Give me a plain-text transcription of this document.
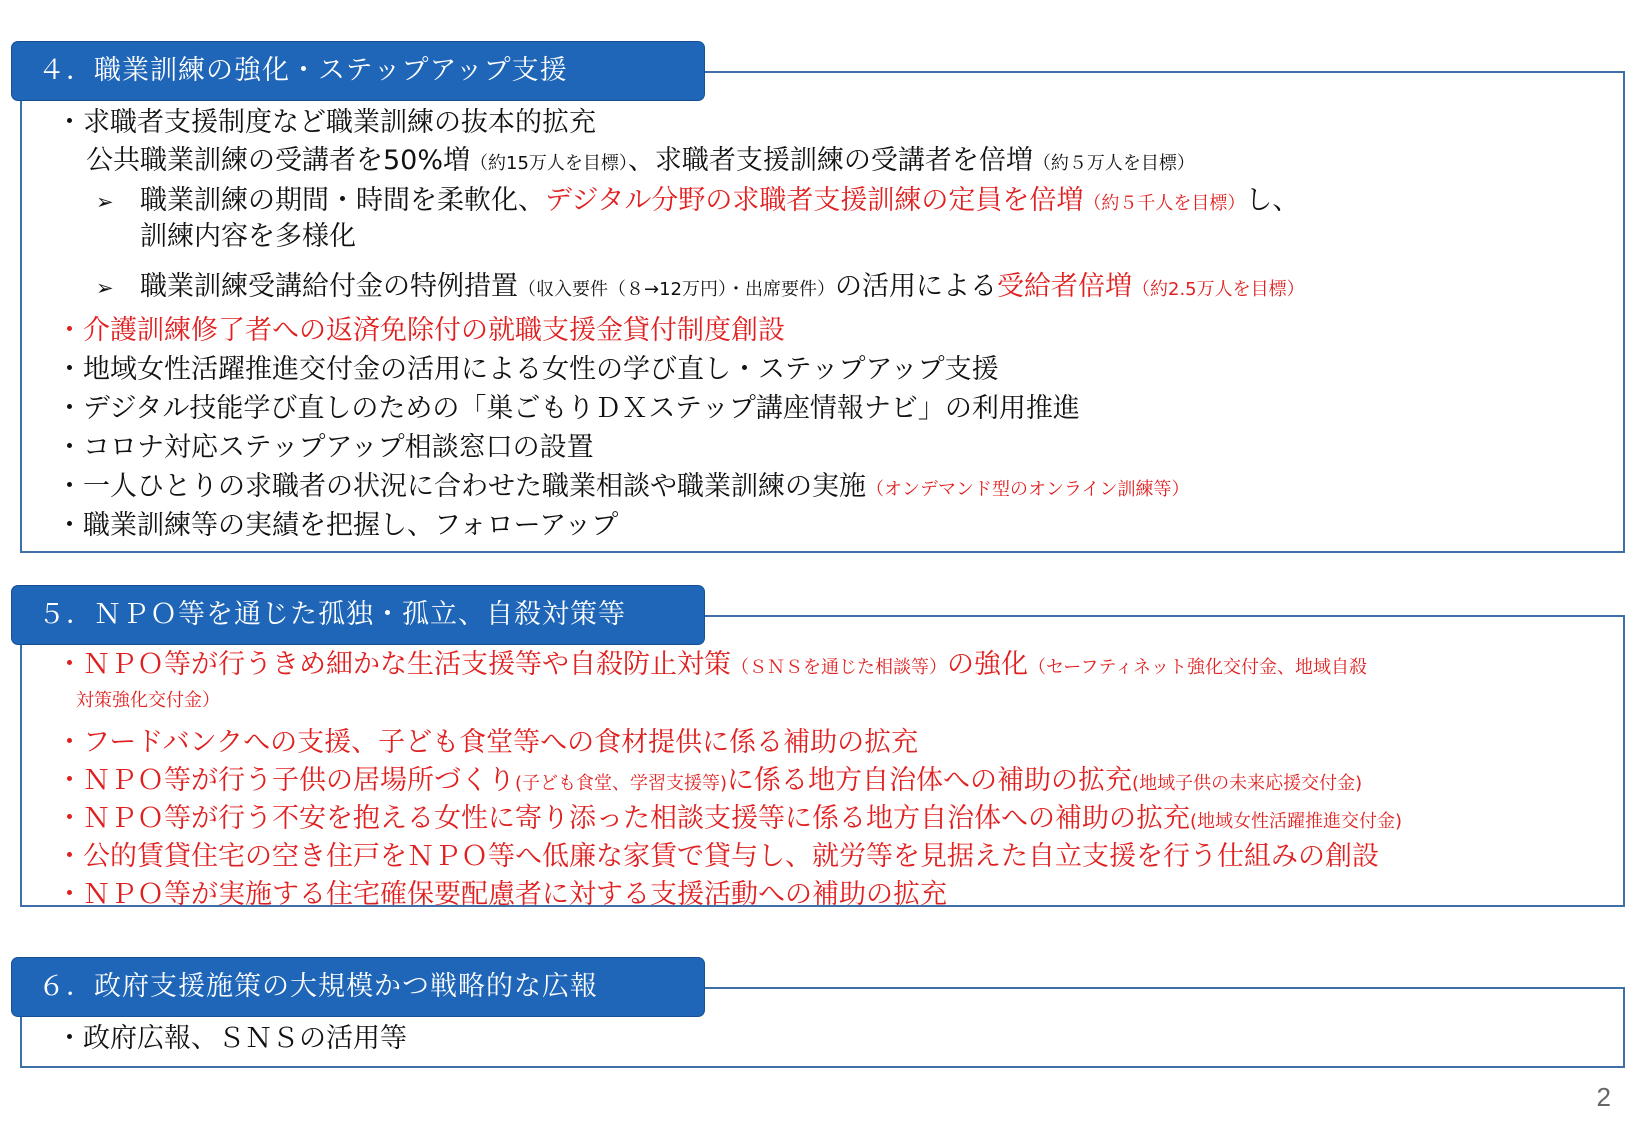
４．職業訓練の強化・ステップアップ支援
・求職者支援制度など職業訓練の抜本的拡充
公共職業訓練の受講者を50%増（約15万人を目標）、求職者支援訓練の受講者を倍増（約５万人を目標）
➢ 職業訓練の期間・時間を柔軟化、デジタル分野の求職者支援訓練の定員を倍増（約５千人を目標）し、
訓練内容を多様化
➢ 職業訓練受講給付金の特例措置（収入要件（８→12万円）・出席要件）の活用による受給者倍増（約2.5万人を目標）
・介護訓練修了者への返済免除付の就職支援金貸付制度創設
・地域女性活躍推進交付金の活用による女性の学び直し・ステップアップ支援
・デジタル技能学び直しのための「巣ごもりＤＸステップ講座情報ナビ」の利用推進
・コロナ対応ステップアップ相談窓口の設置
・一人ひとりの求職者の状況に合わせた職業相談や職業訓練の実施（オンデマンド型のオンライン訓練等）
・職業訓練等の実績を把握し、フォローアップ
５．ＮＰＯ等を通じた孤独・孤立、自殺対策等
・ＮＰＯ等が行うきめ細かな生活支援等や自殺防止対策（ＳＮＳを通じた相談等）の強化（セーフティネット強化交付金、地域自殺
対策強化交付金）
・フードバンクへの支援、子ども食堂等への食材提供に係る補助の拡充
・ＮＰＯ等が行う子供の居場所づくり(子ども食堂、学習支援等)に係る地方自治体への補助の拡充(地域子供の未来応援交付金)
・ＮＰＯ等が行う不安を抱える女性に寄り添った相談支援等に係る地方自治体への補助の拡充(地域女性活躍推進交付金)
・公的賃貸住宅の空き住戸をＮＰＯ等へ低廉な家賃で貸与し、就労等を見据えた自立支援を行う仕組みの創設
・ＮＰＯ等が実施する住宅確保要配慮者に対する支援活動への補助の拡充
６．政府支援施策の大規模かつ戦略的な広報
・政府広報、ＳＮＳの活用等
2
